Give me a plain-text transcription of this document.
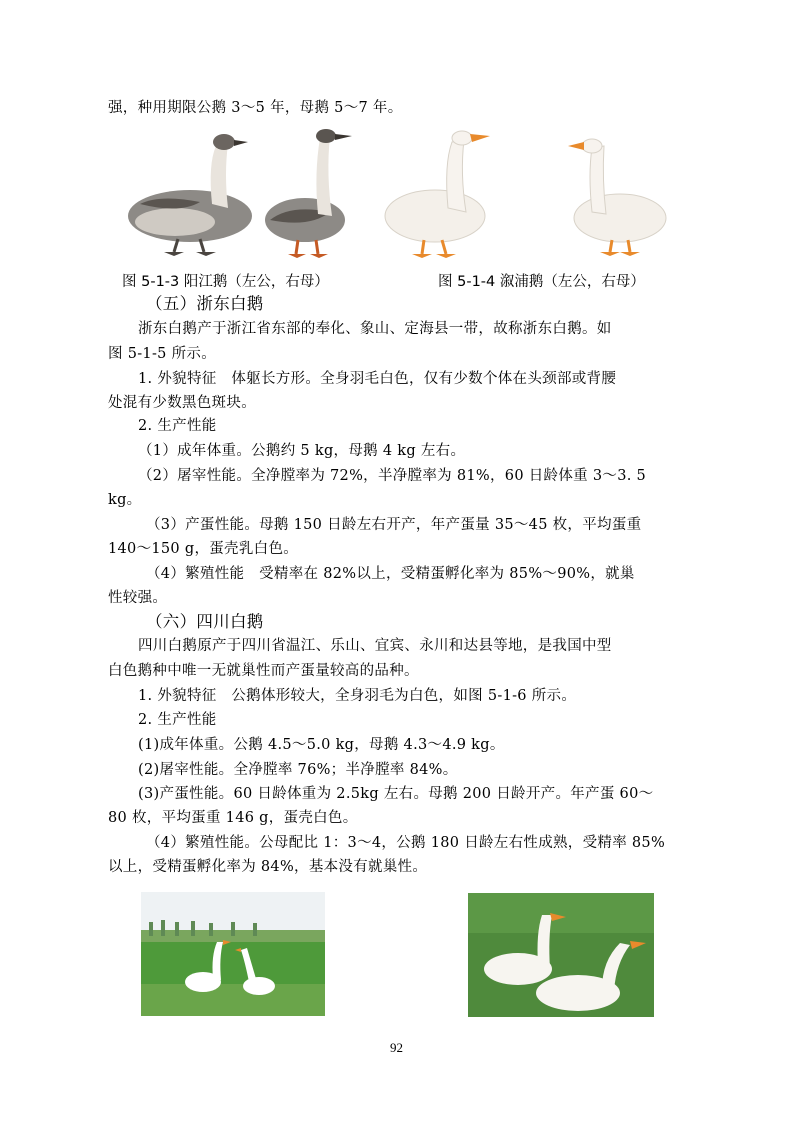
强，种用期限公鹅 3～5 年，母鹅 5～7 年。
图 5-1-3 阳江鹅（左公，右母）	图 5-1-4 溆浦鹅（左公，右母）
（五）浙东白鹅
浙东白鹅产于浙江省东部的奉化、象山、定海县一带，故称浙东白鹅。如
图 5-1-5 所示。
1. 外貌特征　体躯长方形。全身羽毛白色，仅有少数个体在头颈部或背腰
处混有少数黑色斑块。
2. 生产性能
（1）成年体重。公鹅约 5 kg，母鹅 4 kg 左右。
（2）屠宰性能。全净膛率为 72%，半净膛率为 81%，60 日龄体重 3～3. 5
kg。
（3）产蛋性能。母鹅 150 日龄左右开产，年产蛋量 35～45 枚，平均蛋重
140～150 g，蛋壳乳白色。
（4）繁殖性能　受精率在 82%以上，受精蛋孵化率为 85%～90%，就巢
性较强。
（六）四川白鹅
四川白鹅原产于四川省温江、乐山、宜宾、永川和达县等地，是我国中型
白色鹅种中唯一无就巢性而产蛋量较高的品种。
1. 外貌特征　公鹅体形较大，全身羽毛为白色，如图 5-1-6 所示。
2. 生产性能
(1)成年体重。公鹅 4.5～5.0 kg，母鹅 4.3～4.9 kg。
(2)屠宰性能。全净膛率 76%；半净膛率 84%。
(3)产蛋性能。60 日龄体重为 2.5kg 左右。母鹅 200 日龄开产。年产蛋 60～
80 枚，平均蛋重 146 g，蛋壳白色。
（4）繁殖性能。公母配比 1：3～4，公鹅 180 日龄左右性成熟，受精率 85%
以上，受精蛋孵化率为 84%，基本没有就巢性。
92
